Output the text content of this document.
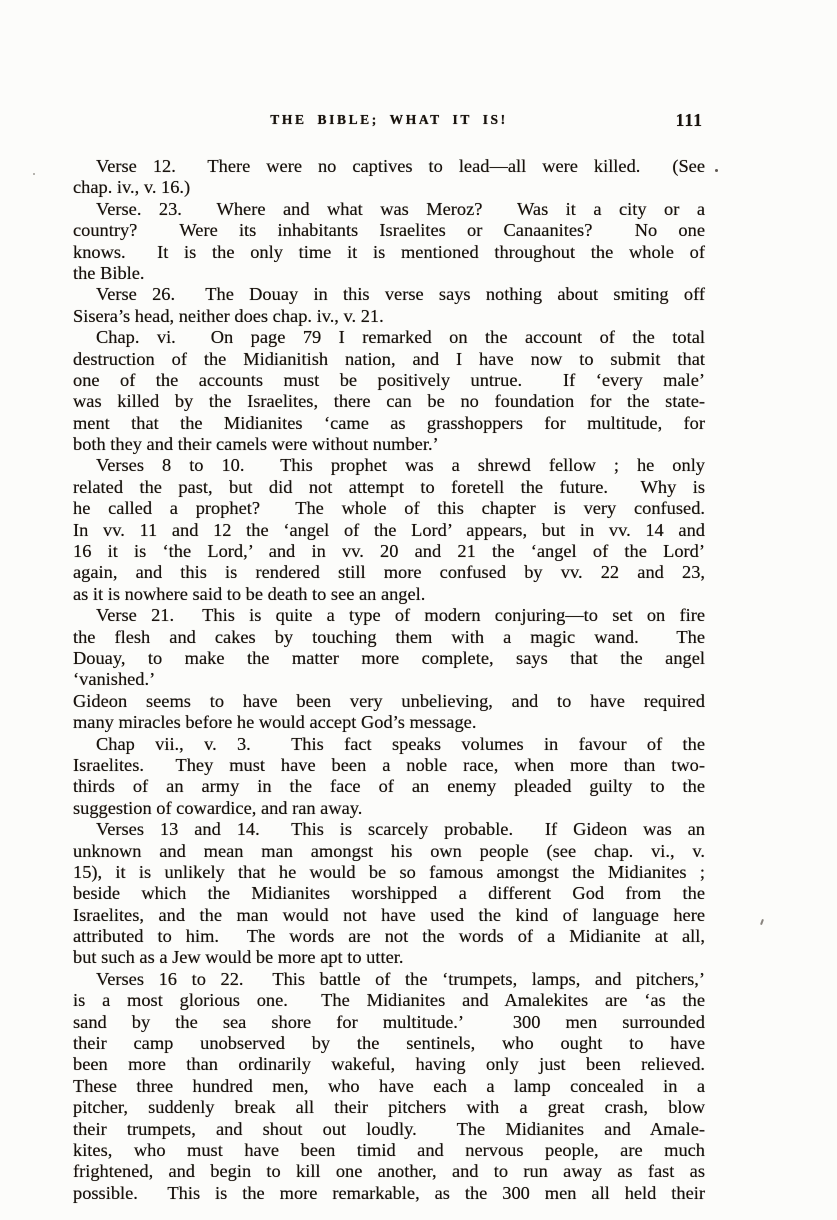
THE BIBLE; WHAT IT IS!	111

Verse 12.  There were no captives to lead—all were killed.  (See
chap. iv., v. 16.)

Verse. 23.  Where and what was Meroz?  Was it a city or a
country?  Were its inhabitants Israelites or Canaanites?  No one
knows.  It is the only time it is mentioned throughout the whole of
the Bible.

Verse 26.  The Douay in this verse says nothing about smiting off
Sisera’s head, neither does chap. iv., v. 21.

Chap. vi.  On page 79 I remarked on the account of the total
destruction of the Midianitish nation, and I have now to submit that
one of the accounts must be positively untrue.  If ‘every male’
was killed by the Israelites, there can be no foundation for the state-
ment that the Midianites ‘came as grasshoppers for multitude, for
both they and their camels were without number.’

Verses 8 to 10.  This prophet was a shrewd fellow ; he only
related the past, but did not attempt to foretell the future.  Why is
he called a prophet?  The whole of this chapter is very confused.
In vv. 11 and 12 the ‘angel of the Lord’ appears, but in vv. 14 and
16 it is ‘the Lord,’ and in vv. 20 and 21 the ‘angel of the Lord’
again, and this is rendered still more confused by vv. 22 and 23,
as it is nowhere said to be death to see an angel.

Verse 21.  This is quite a type of modern conjuring—to set on fire
the flesh and cakes by touching them with a magic wand.  The
Douay, to make the matter more complete, says that the angel
‘vanished.’

Gideon seems to have been very unbelieving, and to have required
many miracles before he would accept God’s message.

Chap vii., v. 3.  This fact speaks volumes in favour of the
Israelites.  They must have been a noble race, when more than two-
thirds of an army in the face of an enemy pleaded guilty to the
suggestion of cowardice, and ran away.

Verses 13 and 14.  This is scarcely probable.  If Gideon was an
unknown and mean man amongst his own people (see chap. vi., v.
15), it is unlikely that he would be so famous amongst the Midianites ;
beside which the Midianites worshipped a different God from the
Israelites, and the man would not have used the kind of language here
attributed to him.  The words are not the words of a Midianite at all,
but such as a Jew would be more apt to utter.

Verses 16 to 22.  This battle of the ‘trumpets, lamps, and pitchers,’
is a most glorious one.  The Midianites and Amalekites are ‘as the
sand by the sea shore for multitude.’  300 men surrounded
their camp unobserved by the sentinels, who ought to have
been more than ordinarily wakeful, having only just been relieved.
These three hundred men, who have each a lamp concealed in a
pitcher, suddenly break all their pitchers with a great crash, blow
their trumpets, and shout out loudly.  The Midianites and Amale-
kites, who must have been timid and nervous people, are much
frightened, and begin to kill one another, and to run away as fast as
possible.  This is the more remarkable, as the 300 men all held their
